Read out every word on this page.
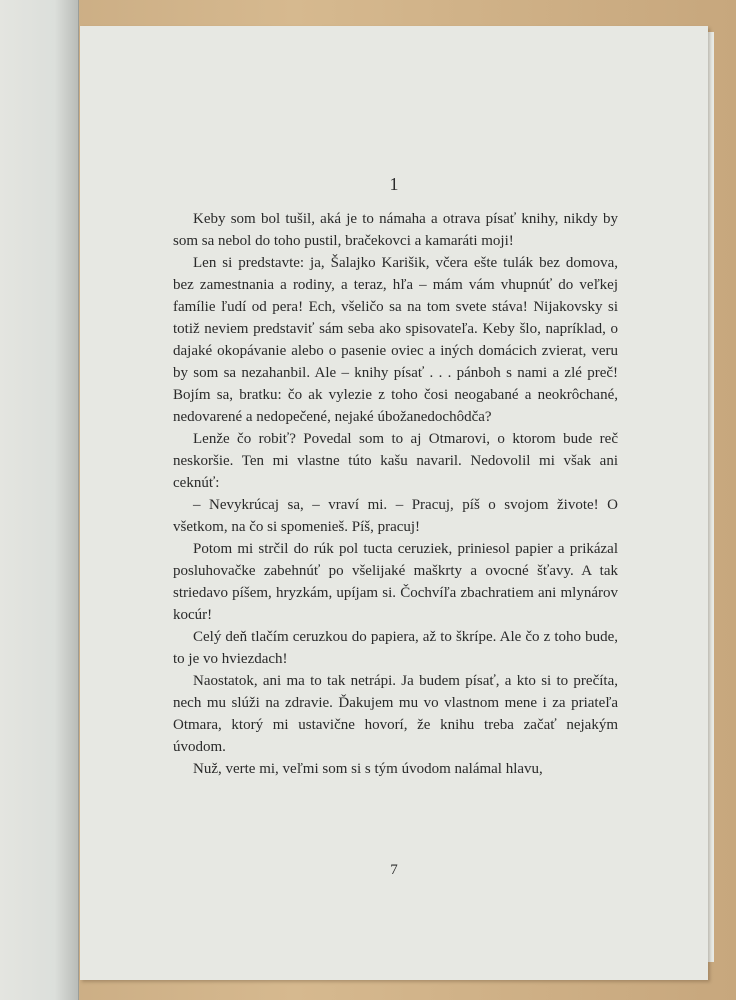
1

Keby som bol tušil, aká je to námaha a otrava písať knihy, nikdy by som sa nebol do toho pustil, bračekovci a kamaráti moji!

Len si predstavte: ja, Šalajko Karišik, včera ešte tulák bez domova, bez zamestnania a rodiny, a teraz, hľa – mám vám vhupnúť do veľkej famílie ľudí od pera! Ech, všeličo sa na tom svete stáva! Nijakovsky si totiž neviem predstaviť sám seba ako spisovateľa. Keby šlo, napríklad, o dajaké okopávanie alebo o pasenie oviec a iných domácich zvierat, veru by som sa nezahanbil. Ale – knihy písať . . . pánboh s nami a zlé preč! Bojím sa, bratku: čo ak vylezie z toho čosi neogabané a neokrôchané, nedovarené a nedopečené, nejaké úbožanedochôdča?

Lenže čo robiť? Povedal som to aj Otmarovi, o ktorom bude reč neskoršie. Ten mi vlastne túto kašu navaril. Nedovolil mi však ani ceknúť:

– Nevykrúcaj sa, – vraví mi. – Pracuj, píš o svojom živote! O všetkom, na čo si spomenieš. Píš, pracuj!

Potom mi strčil do rúk pol tucta ceruziek, priniesol papier a prikázal posluhovačke zabehnúť po všelijaké maškrty a ovocné šťavy. A tak striedavo píšem, hryzkám, upíjam si. Čochvíľa zbachratiem ani mlynárov kocúr!

Celý deň tlačím ceruzkou do papiera, až to škrípe. Ale čo z toho bude, to je vo hviezdach!

Naostatok, ani ma to tak netrápi. Ja budem písať, a kto si to prečíta, nech mu slúži na zdravie. Ďakujem mu vo vlastnom mene i za priateľa Otmara, ktorý mi ustavične hovorí, že knihu treba začať nejakým úvodom.

Nuž, verte mi, veľmi som si s tým úvodom nalámal hlavu,

7
